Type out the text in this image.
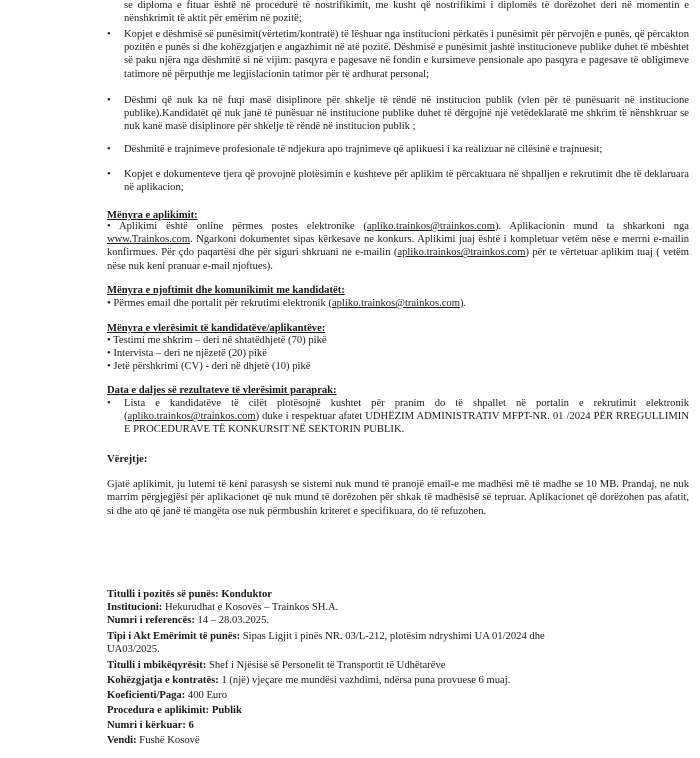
se diploma e fituar është në procedurë të nostrifikimit, me kusht që nostrifikimi i diplomës të dorëzohet deri në momentin e nënshkrimit të aktit për emërim në pozitë;
•	Kopjet e dëshmisë së punësimit(vërtetim/kontratë) të lëshuar nga institucioni përkatës i punësimit për përvojën e punës, që përcakton pozitën e punës si dhe kohëzgjatjen e angazhimit në atë pozitë. Dëshmisë e punësimit jashtë institucioneve publike duhet të mbështet së paku njëra nga dëshmitë si në vijim: pasqyra e pagesave në fondin e kursimeve pensionale apo pasqyra e pagesave të obligimeve tatimore në përputhje me legjislacionin tatimor për të ardhurat personal;
•	Dëshmi që nuk ka në fuqi masë disiplinore për shkelje të rëndë në institucion publik (vlen për të punësuarit në institucione publike).Kandidatët që nuk janë të punësuar në institucione publike duhet të dërgojnë një vetëdeklaratë me shkrim të nënshkruar se nuk kanë masë disiplinore për shkelje të rëndë në institucion publik ;
•	Dëshmitë e trajnimeve profesionale të ndjekura apo trajnimeve që aplikuesi i ka realizuar në cilësinë e trajnuesit;
•	Kopjet e dokumenteve tjera që provojnë plotësimin e kushteve për aplikim të përcaktuara në shpalljen e rekrutimit dhe të deklaruara në aplikacion;
Mënyra e aplikimit:
• Aplikimi është online përmes postes elektronike (apliko.trainkos@trainkos.com). Aplikacionin mund ta shkarkoni nga www.Trainkos.com. Ngarkoni dokumentet sipas kërkesave ne konkurs. Aplikimi juaj është i kompletuar vetëm nëse e merrni e-mailin konfirmues. Për çdo paqartësi dhe për siguri shkruani ne e-mailin (apliko.trainkos@trainkos.com) për te vërtetuar aplikim tuaj ( vetëm nëse nuk keni pranuar e-mail njoftues).
Mënyra e njoftimit dhe komunikimit me kandidatët:
• Përmes email dhe portalit për rekrutimi elektronik (apliko.trainkos@trainkos.com).
Mënyra e vlerësimit të kandidatëve/aplikantëve:
• Testimi me shkrim – deri në shtatëdhjetë (70) pikë
• Intervista – deri ne njëzetë (20) pikë
• Jetë përshkrimi (CV) - deri në dhjetë (10) pikë
Data e daljes së rezultateve të vlerësimit paraprak:
•	Lista e kandidatëve të cilët plotësojnë kushtet për pranim do të shpallet në portalin e rekrutimit elektronik (apliko.trainkos@trainkos.com) duke i respektuar afatet UDHËZIM ADMINISTRATIV MFPT-NR. 01 /2024 PËR RREGULLIMIN E PROCEDURAVE TË KONKURSIT NË SEKTORIN PUBLIK.
Vërejtje:
Gjatë aplikimit, ju lutemi të keni parasysh se sistemi nuk mund të pranojë email-e me madhësi më të madhe se 10 MB. Prandaj, ne nuk marrim përgjegjësi për aplikacionet që nuk mund të dorëzohen për shkak të madhësisë së tepruar. Aplikacionet që dorëzohen pas afatit, si dhe ato që janë të mangëta ose nuk përmbushin kriteret e specifikuara, do të refuzohen.
Titulli i pozitës së punës: Konduktor
Institucioni: Hekurudhat e Kosovës – Trainkos SH.A.
Numri i referencës: 14 – 28.03.2025.
Tipi i Akt Emërimit të punës: Sipas Ligjit i pinës NR. 03/L-212, plotësim ndryshimi UA 01/2024 dhe
UA03/2025.
Titulli i mbikëqyrësit: Shef i Njësisë së Personelit të Transportit të Udhëtarëve
Kohëzgjatja e kontratës: 1 (një) vjeçare me mundësi vazhdimi, ndërsa puna provuese 6 muaj.
Koeficienti/Paga: 400 Euro
Procedura e aplikimit: Publik
Numri i kërkuar: 6
Vendi: Fushë Kosovë
